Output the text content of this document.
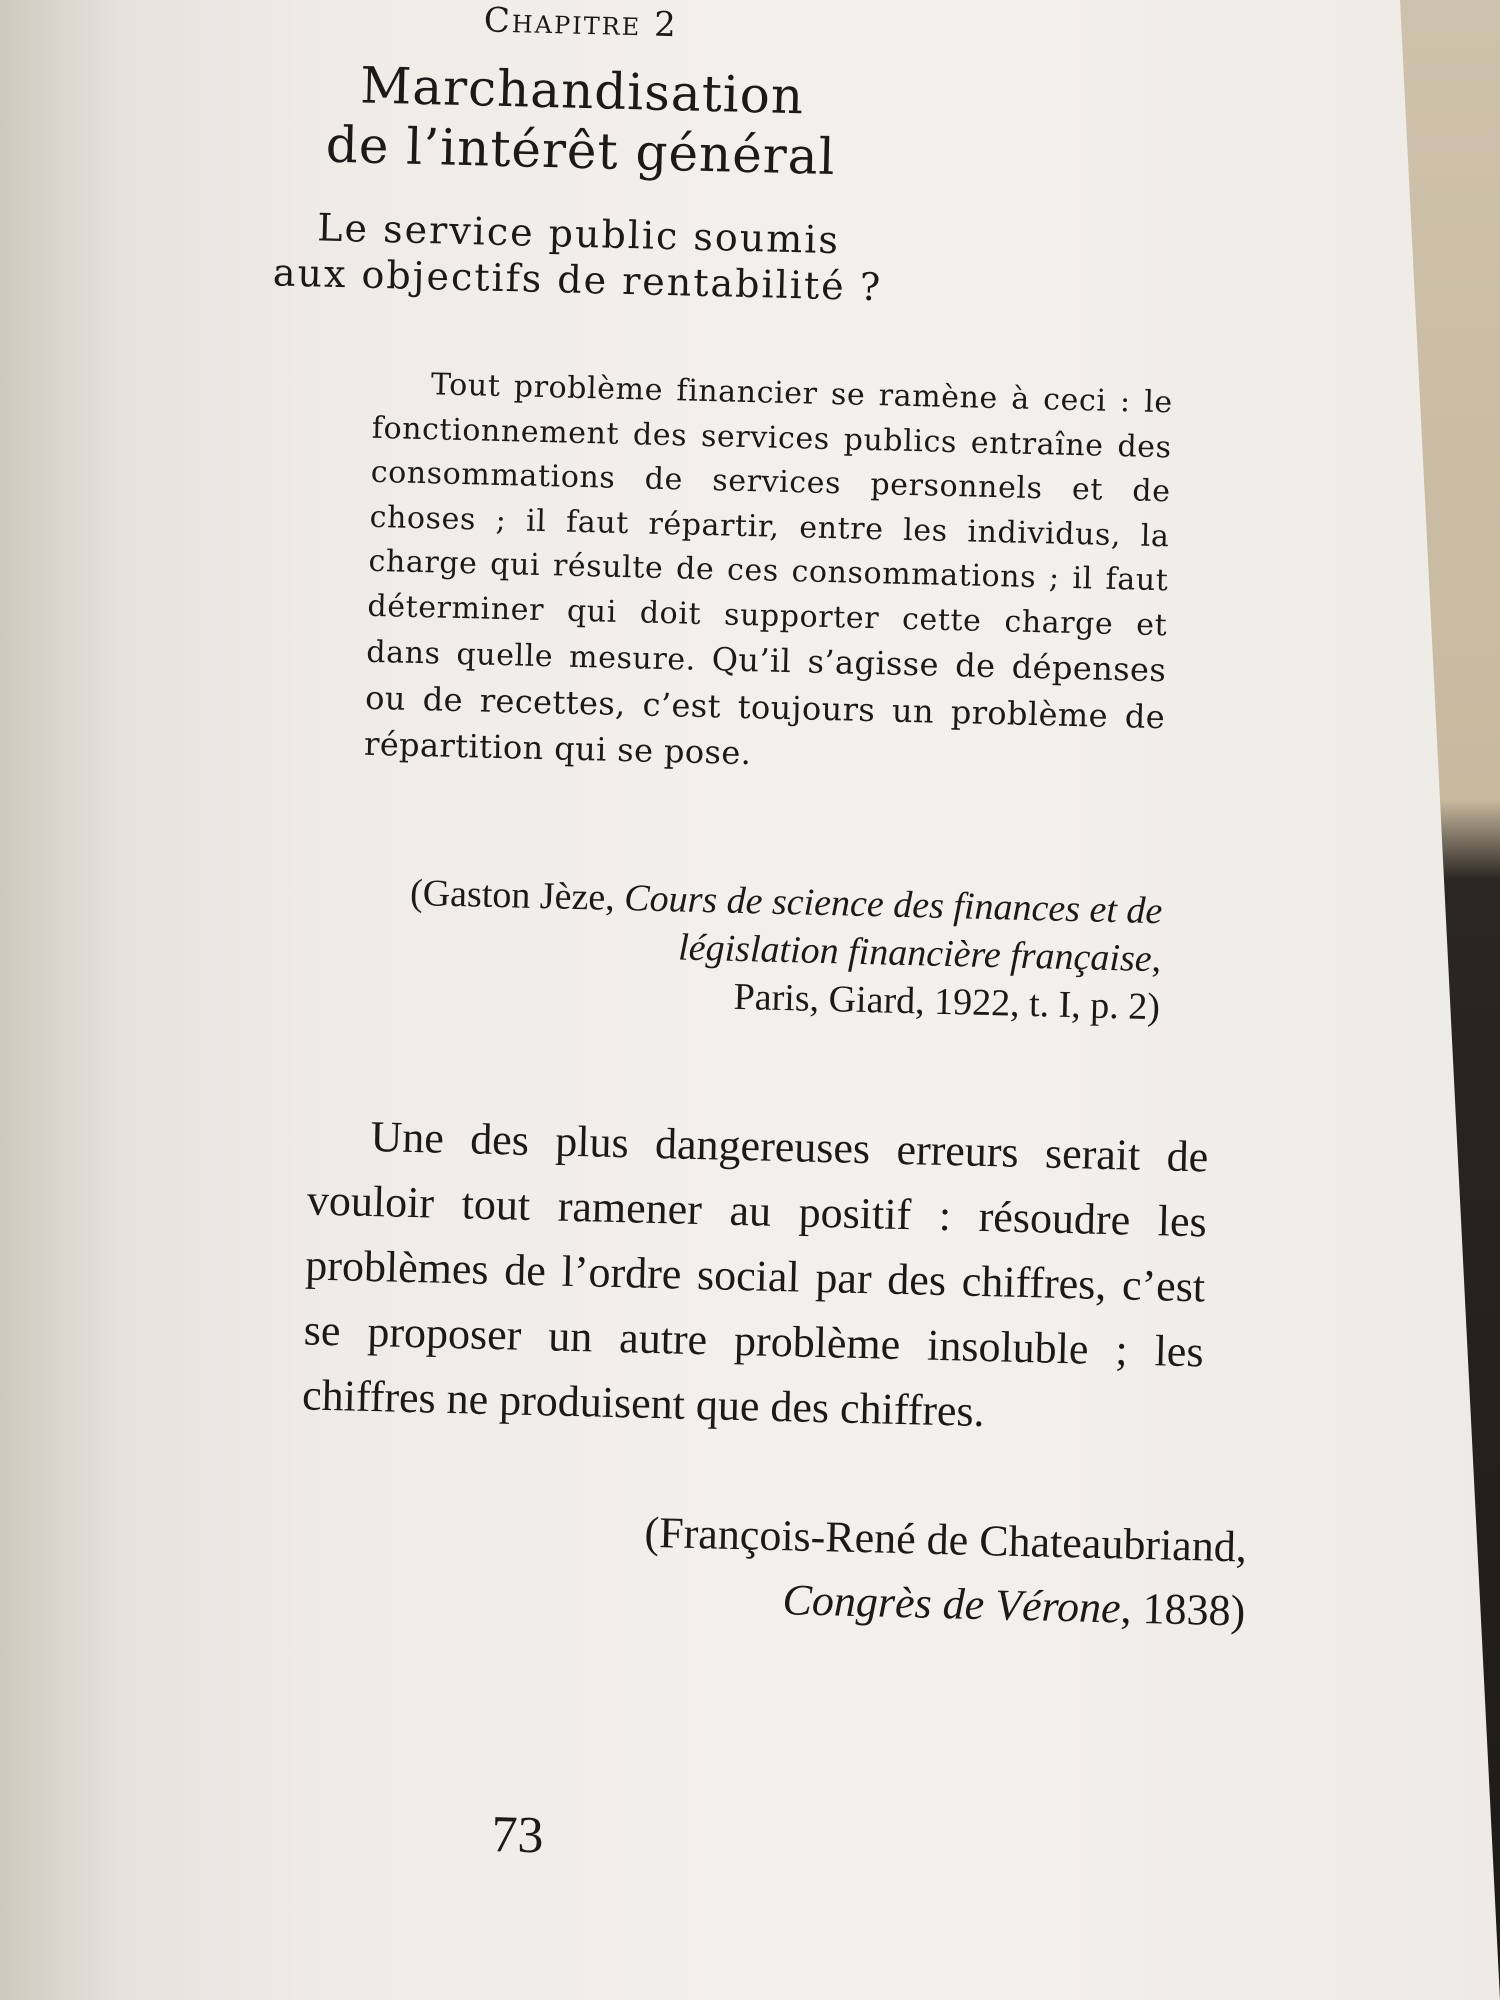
Chapitre 2
Marchandisation
de l’intérêt général
Le service public soumis
aux objectifs de rentabilité ?
Tout problème financier se ramène à ceci : le fonctionnement des services publics entraîne des consommations de services personnels et de choses ; il faut répartir, entre les individus, la charge qui résulte de ces consommations ; il faut déterminer qui doit supporter cette charge et dans quelle mesure. Qu’il s’agisse de dépenses ou de recettes, c’est toujours un problème de répartition qui se pose.
(Gaston Jèze, Cours de science des finances et de législation financière française,
Paris, Giard, 1922, t. I, p. 2)
Une des plus dangereuses erreurs serait de vouloir tout ramener au positif : résoudre les problèmes de l’ordre social par des chiffres, c’est se proposer un autre problème insoluble ; les chiffres ne produisent que des chiffres.
(François-René de Chateaubriand,
Congrès de Vérone, 1838)
73
